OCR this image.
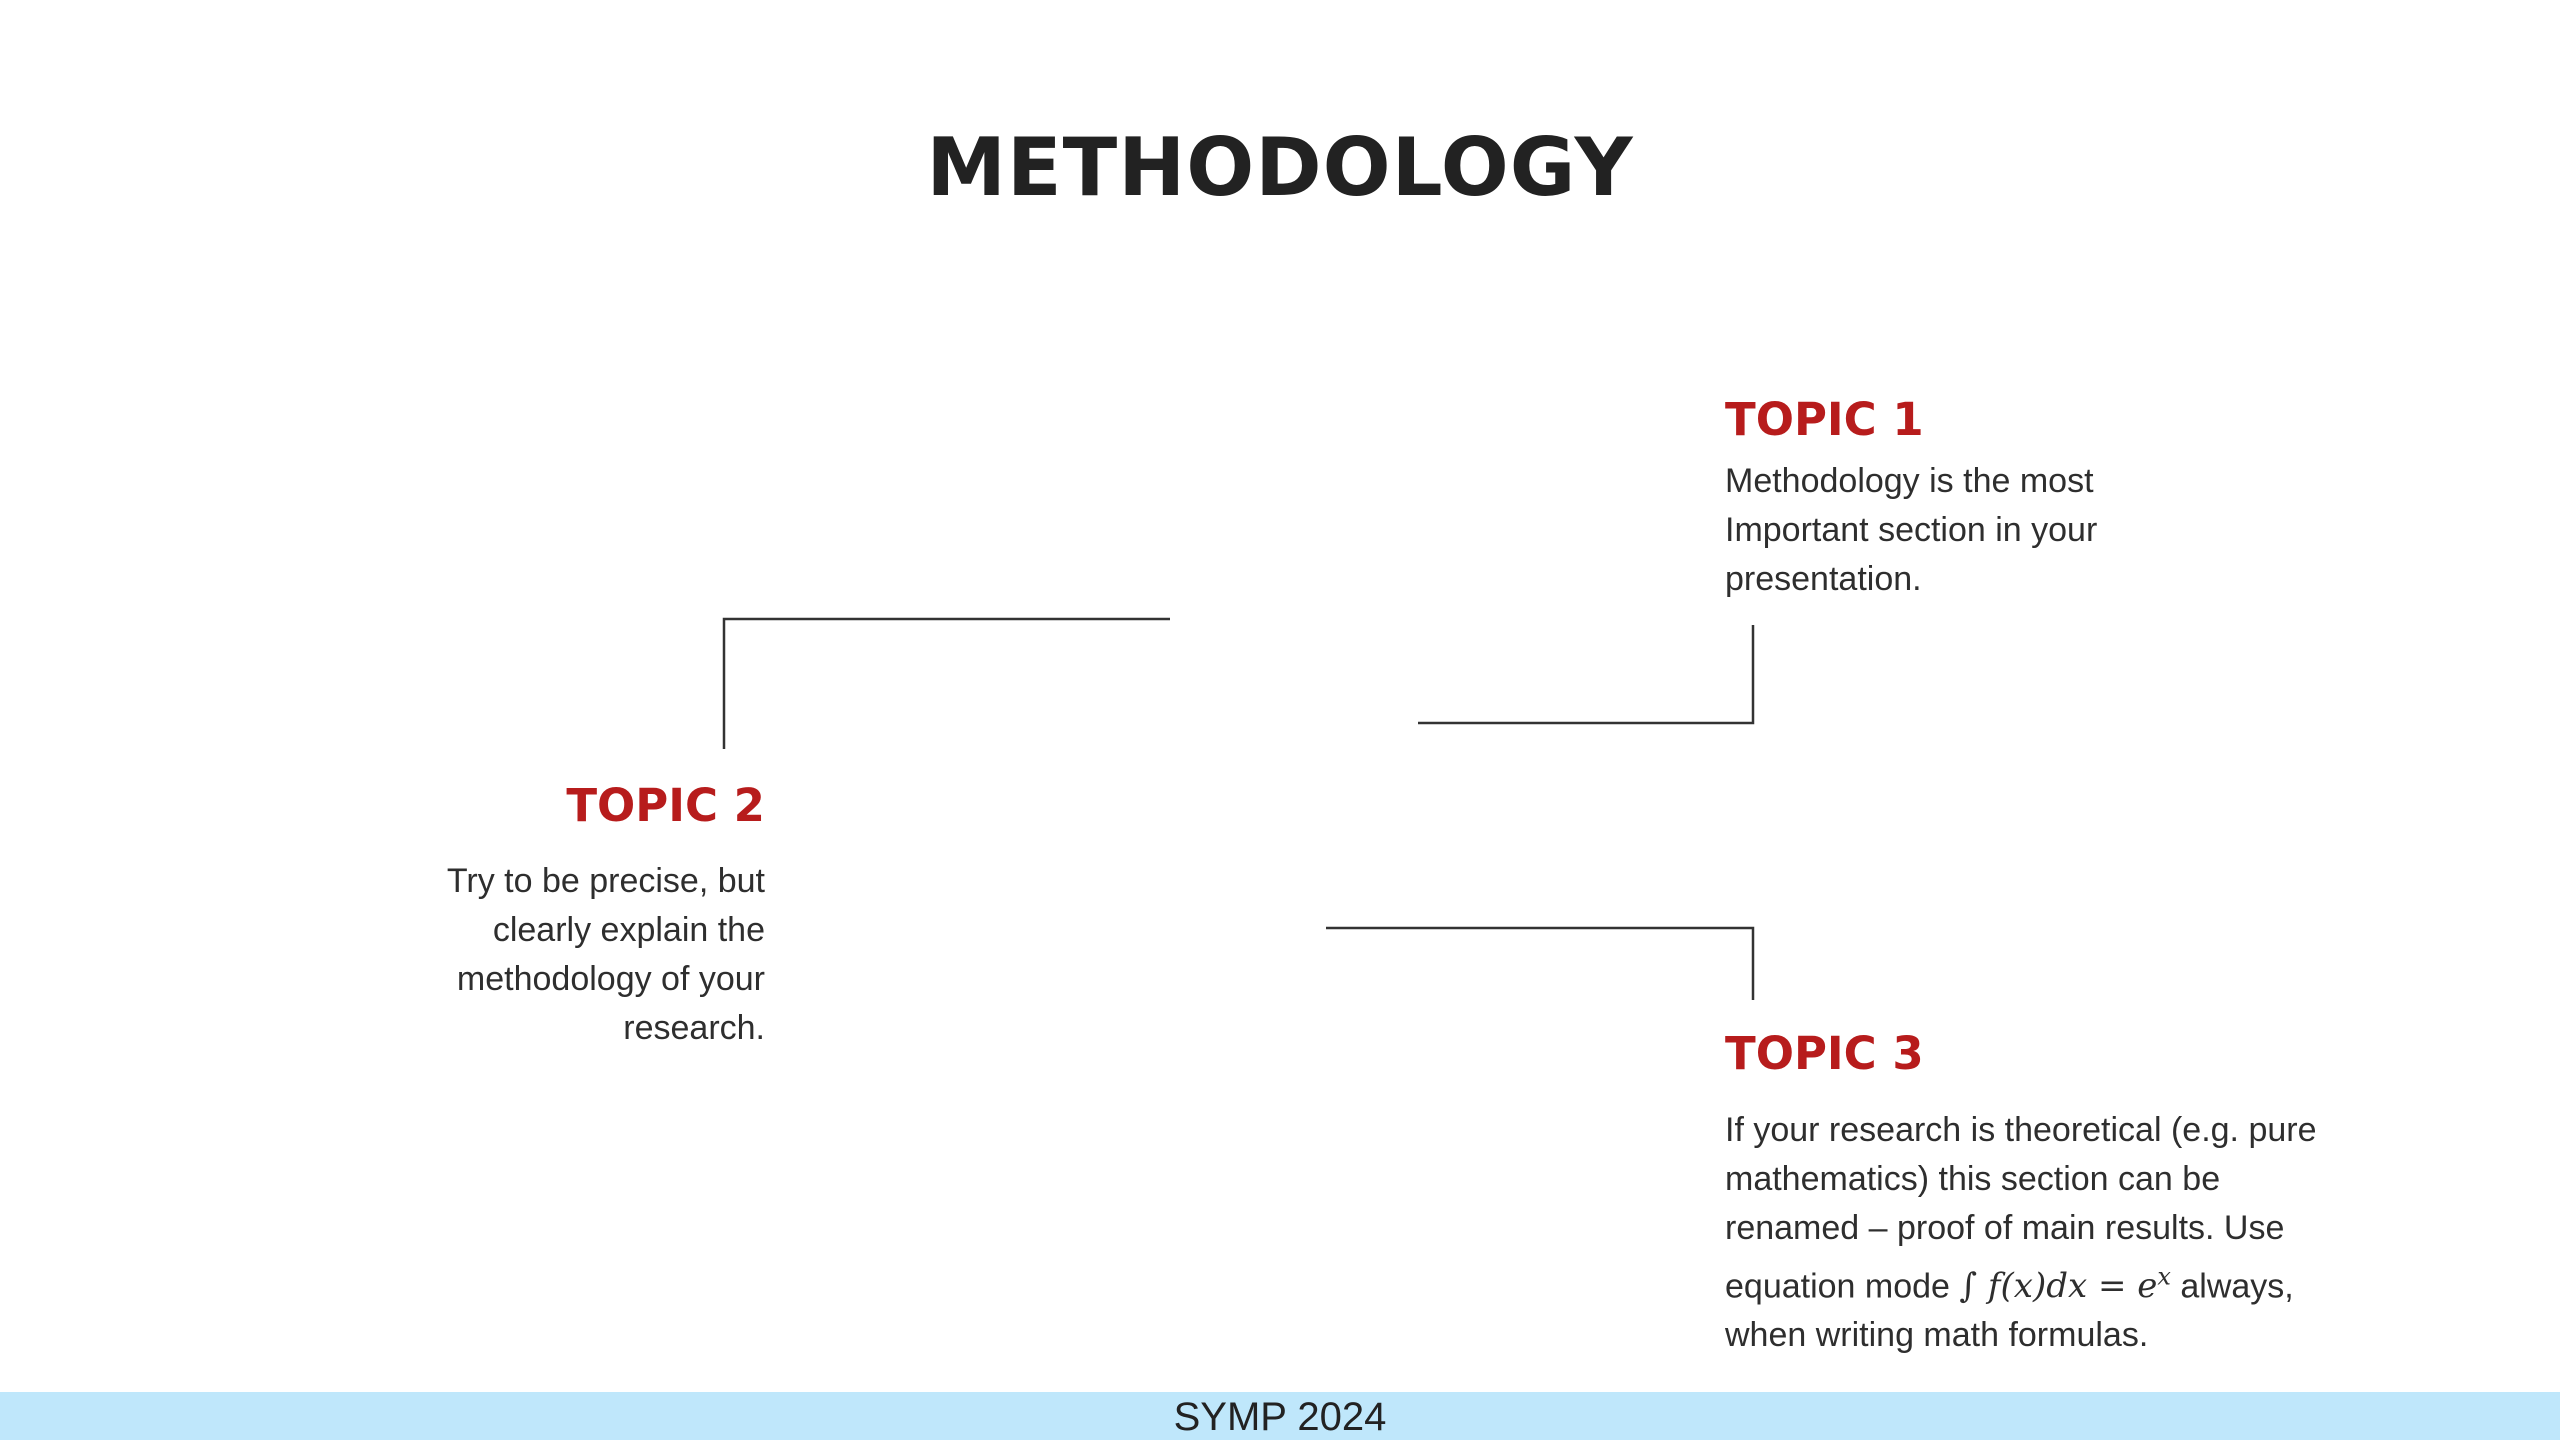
METHODOLOGY
TOPIC 1
Methodology is the most
Important section in your
presentation.
TOPIC 2
Try to be precise, but
clearly explain the
methodology of your
research.	TOPIC 3
If your research is theoretical (e.g. pure
mathematics) this section can be
renamed – proof of main results. Use
equation mode ∫ $f(x)dx = e^x$ always,
when writing math formulas.
SYMP 2024
